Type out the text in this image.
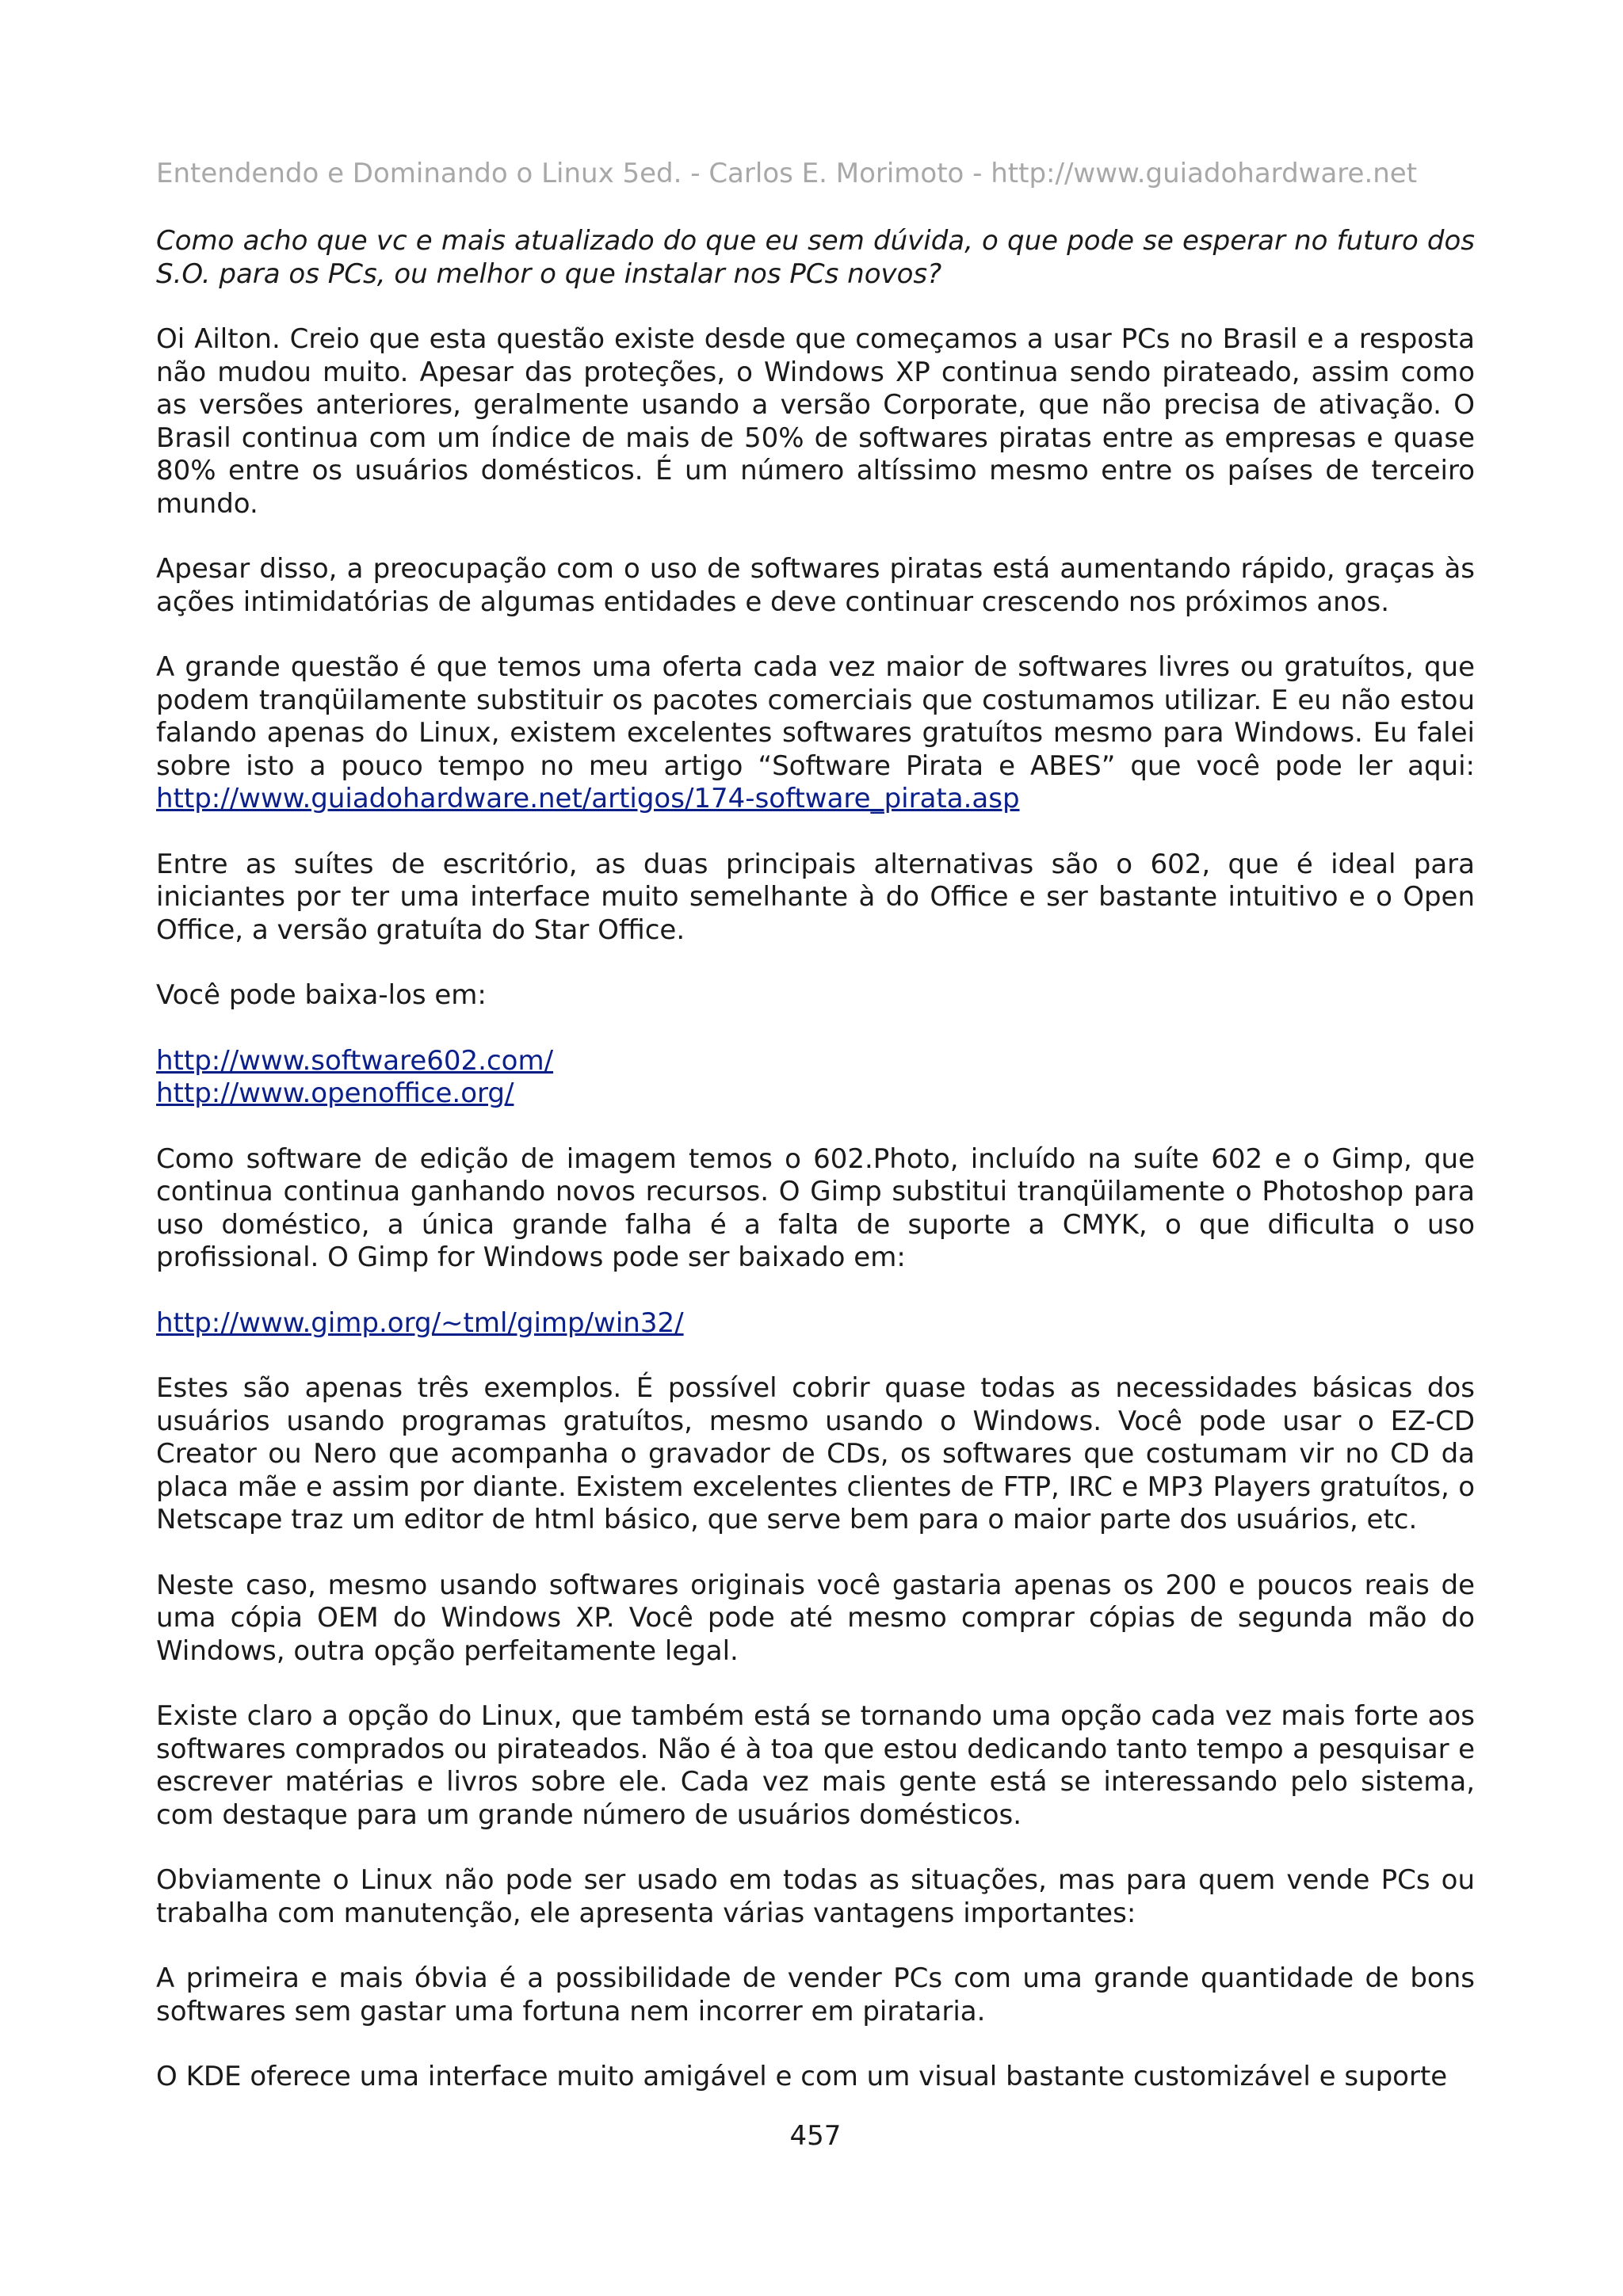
Entendendo e Dominando o Linux 5ed. - Carlos E. Morimoto - http://www.guiadohardware.net

Como acho que vc e mais atualizado do que eu sem dúvida, o que pode se esperar no futuro dos S.O. para os PCs, ou melhor o que instalar nos PCs novos?

Oi Ailton. Creio que esta questão existe desde que começamos a usar PCs no Brasil e a resposta não mudou muito. Apesar das proteções, o Windows XP continua sendo pirateado, assim como as versões anteriores, geralmente usando a versão Corporate, que não precisa de ativação. O Brasil continua com um índice de mais de 50% de softwares piratas entre as empresas e quase 80% entre os usuários domésticos. É um número altíssimo mesmo entre os países de terceiro mundo.

Apesar disso, a preocupação com o uso de softwares piratas está aumentando rápido, graças às ações intimidatórias de algumas entidades e deve continuar crescendo nos próximos anos.

A grande questão é que temos uma oferta cada vez maior de softwares livres ou gratuítos, que podem tranqüilamente substituir os pacotes comerciais que costumamos utilizar. E eu não estou falando apenas do Linux, existem excelentes softwares gratuítos mesmo para Windows. Eu falei sobre isto a pouco tempo no meu artigo “Software Pirata e ABES” que você pode ler aqui: http://www.guiadohardware.net/artigos/174-software_pirata.asp

Entre as suítes de escritório, as duas principais alternativas são o 602, que é ideal para iniciantes por ter uma interface muito semelhante à do Office e ser bastante intuitivo e o Open Office, a versão gratuíta do Star Office.

Você pode baixa-los em:

http://www.software602.com/
http://www.openoffice.org/

Como software de edição de imagem temos o 602.Photo, incluído na suíte 602 e o Gimp, que continua continua ganhando novos recursos. O Gimp substitui tranqüilamente o Photoshop para uso doméstico, a única grande falha é a falta de suporte a CMYK, o que dificulta o uso profissional. O Gimp for Windows pode ser baixado em:

http://www.gimp.org/~tml/gimp/win32/

Estes são apenas três exemplos. É possível cobrir quase todas as necessidades básicas dos usuários usando programas gratuítos, mesmo usando o Windows. Você pode usar o EZ-CD Creator ou Nero que acompanha o gravador de CDs, os softwares que costumam vir no CD da placa mãe e assim por diante. Existem excelentes clientes de FTP, IRC e MP3 Players gratuítos, o Netscape traz um editor de html básico, que serve bem para o maior parte dos usuários, etc.

Neste caso, mesmo usando softwares originais você gastaria apenas os 200 e poucos reais de uma cópia OEM do Windows XP. Você pode até mesmo comprar cópias de segunda mão do Windows, outra opção perfeitamente legal.

Existe claro a opção do Linux, que também está se tornando uma opção cada vez mais forte aos softwares comprados ou pirateados. Não é à toa que estou dedicando tanto tempo a pesquisar e escrever matérias e livros sobre ele. Cada vez mais gente está se interessando pelo sistema, com destaque para um grande número de usuários domésticos.

Obviamente o Linux não pode ser usado em todas as situações, mas para quem vende PCs ou trabalha com manutenção, ele apresenta várias vantagens importantes:

A primeira e mais óbvia é a possibilidade de vender PCs com uma grande quantidade de bons softwares sem gastar uma fortuna nem incorrer em pirataria.

O KDE oferece uma interface muito amigável e com um visual bastante customizável e suporte

457
